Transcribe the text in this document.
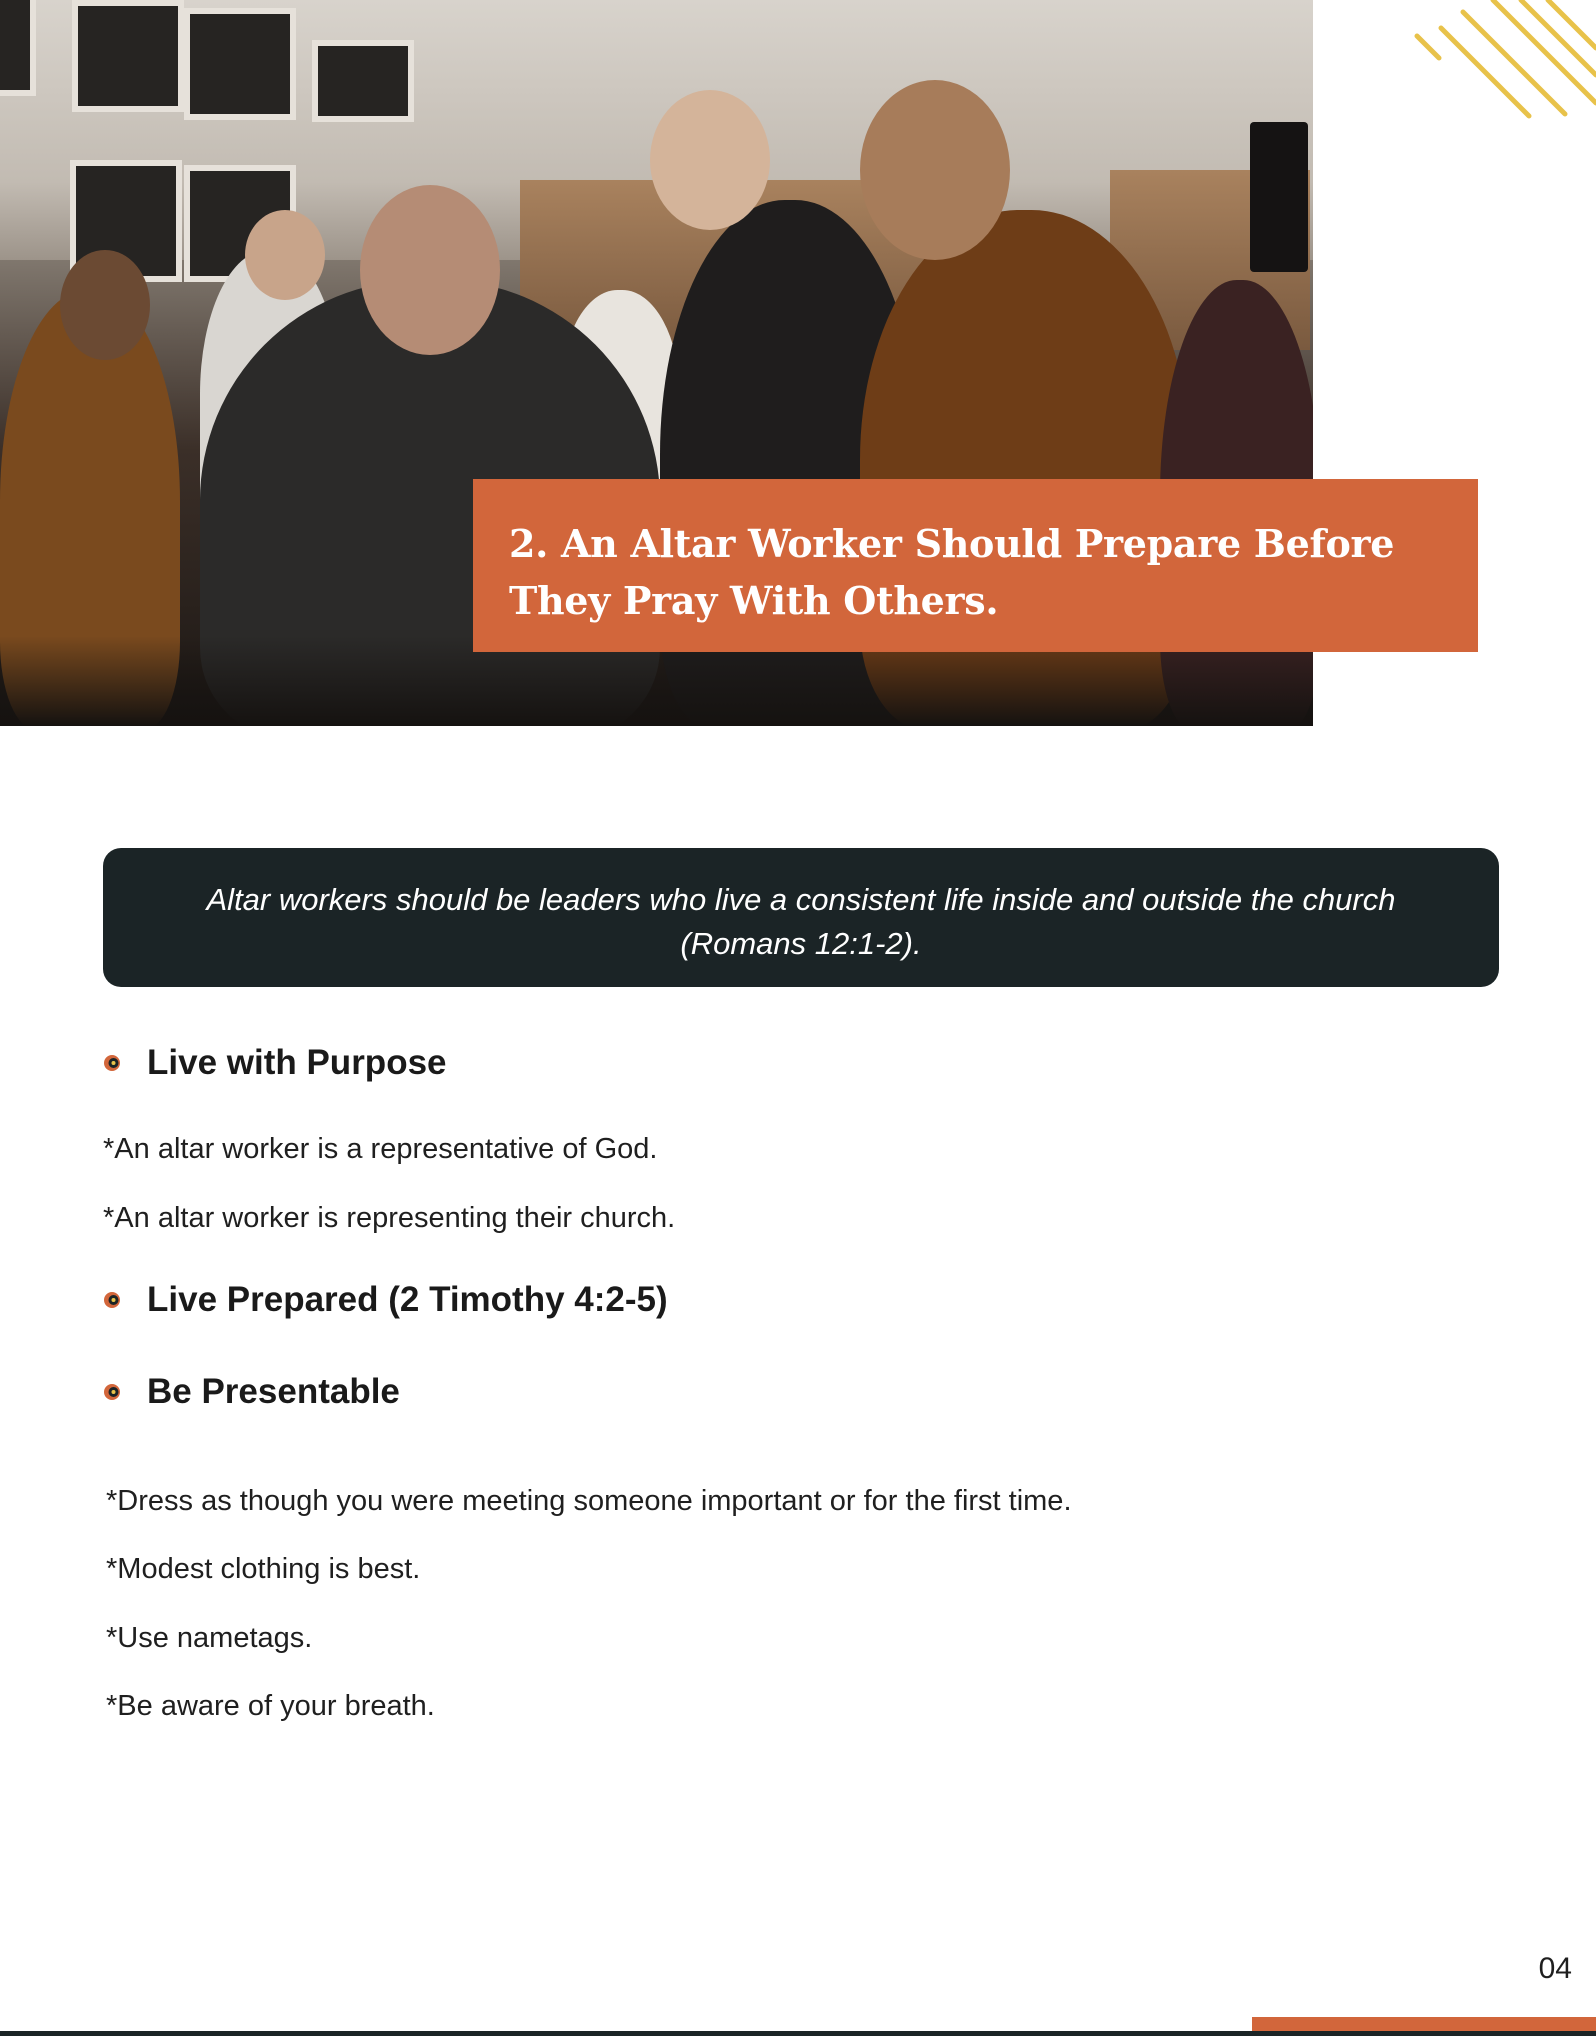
2. An Altar Worker Should Prepare Before They Pray With Others.

Altar workers should be leaders who live a consistent life inside and outside the church (Romans 12:1-2).

Live with Purpose

*An altar worker is a representative of God.

*An altar worker is representing their church.

Live Prepared (2 Timothy 4:2-5)
Be Presentable

*Dress as though you were meeting someone important or for the first time.

*Modest clothing is best.

*Use nametags.

*Be aware of your breath.

04
